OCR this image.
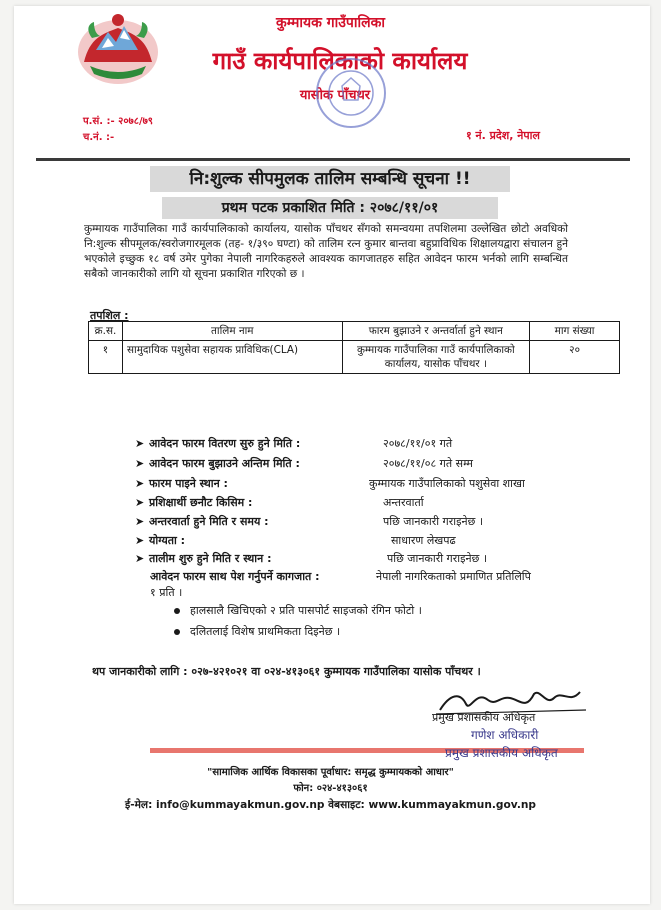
कुम्मायक गाउँपालिका
गाउँ कार्यपालिकाको कार्यालय
यासोक पाँचथर
प.सं. :- २०७८/७९
च.नं. :-	१ नं. प्रदेश, नेपाल
नि:शुल्क सीपमुलक तालिम सम्बन्धि सूचना !!
प्रथम पटक प्रकाशित मिति : २०७८/११/०१
कुम्मायक गाउँपालिका गाउँ कार्यपालिकाको कार्यालय, यासोक पाँचथर सँगको समन्वयमा तपशिलमा उल्लेखित छोटो अवधिको नि:शुल्क सीपमूलक/स्वरोजगारमूलक (तह- १/३९० घण्टा) को तालिम रत्न कुमार बान्तवा बहुप्राविधिक शिक्षालयद्वारा संचालन हुने भएकोले इच्छुक १८ वर्ष उमेर पुगेका नेपाली नागरिकहरुले आवश्यक कागजातहरु सहित आवेदन फारम भर्नको लागि सम्बन्धित सबैको जानकारीको लागि यो सूचना प्रकाशित गरिएको छ ।
तपशिल :
क्र.स.	तालिम नाम	फारम बुझाउने र अन्तर्वार्ता हुने स्थान	माग संख्या
१	सामुदायिक पशुसेवा सहायक प्राविधिक(CLA)	कुम्मायक गाउँपालिका गाउँ कार्यपालिकाको कार्यालय, यासोक पाँचथर ।	२०
➤ आवेदन फारम वितरण सुरु हुने मिति :	२०७८/११/०१ गते
➤ आवेदन फारम बुझाउने अन्तिम मिति :	२०७८/११/०८ गते सम्म
➤ फारम पाइने स्थान :	कुम्मायक गाउँपालिकाको पशुसेवा शाखा
➤ प्रशिक्षार्थी छनौट किसिम :	अन्तरवार्ता
➤ अन्तरवार्ता हुने मिति र समय :	पछि जानकारी गराइनेछ ।
➤ योग्यता :	साधारण लेखपढ
➤ तालीम शुरु हुने मिति र स्थान :	पछि जानकारी गराइनेछ ।
आवेदन फारम साथ पेश गर्नुपर्ने कागजात :	नेपाली नागरिकताको प्रमाणित प्रतिलिपि
१ प्रति ।
हालसालै खिचिएको २ प्रति पासपोर्ट साइजको रंगिन फोटो ।
दलितलाई विशेष प्राथमिकता दिइनेछ ।
थप जानकारीको लागि : ०२७-४२१०२१ वा ०२४-४१३०६१ कुम्मायक गाउँपालिका यासोक पाँचथर ।
प्रमुख प्रशासकीय अधिकृत
गणेश अधिकारी
प्रमुख प्रशासकीय अधिकृत
"सामाजिक आर्थिक विकासका पूर्वाधार: समृद्ध कुम्मायकको आधार"
फोन: ०२४-४१३०६१
ई-मेल: info@kummayakmun.gov.np वेबसाइट: www.kummayakmun.gov.np
